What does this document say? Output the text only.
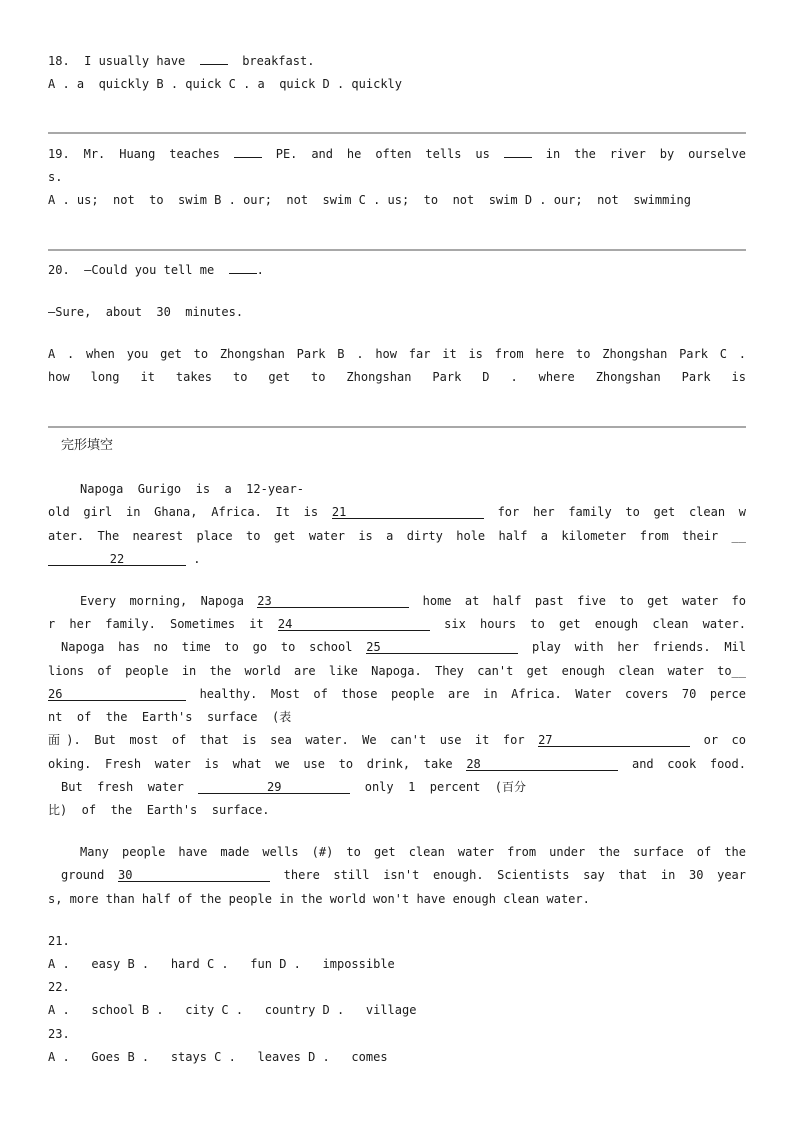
18.  I usually have	breakfast.
A . a  quickly B . quick C . a  quick D . quickly
19. Mr. Huang teaches	PE. and he often tells us	in the river by ourselve
s.
A . us;  not  to  swim B . our;  not  swim C . us;  to  not  swim D . our;  not  swimming
20.  —Could you tell me	.
—Sure,  about  30  minutes.
A . when you get to Zhongshan Park B . how far it is from here to Zhongshan Park C .
how long it takes to get to Zhongshan Park D . where Zhongshan Park is
完形填空
Napoga  Gurigo  is  a  12-year-
old girl in Ghana, Africa. It is 21	for her family to get clean w
ater. The nearest place to get water is a dirty hole half a kilometer from their __
22	.
Every morning, Napoga 23	home at half past five to get water fo
r her family. Sometimes it 24	six hours to get enough clean water.
Napoga has no time to go to school 25	play with her friends. Mil
lions of people in the world are like Napoga. They can't get enough clean water to__
26	healthy. Most of those people are in Africa. Water covers 70 perce
nt  of  the  Earth's  surface  (表
面). But most of that is sea water. We can't use it for 27	or co
oking. Fresh water is what we use to drink, take 28	and cook food.
But  fresh  water	29	only  1  percent  (百分
比)  of  the  Earth's  surface.
Many people have made wells (#) to get clean water from under the surface of the
ground 30	there still isn't enough. Scientists say that in 30 year
s, more than half of the people in the world won't have enough clean water.
21.
A .   easy B .   hard C .   fun D .   impossible
22.
A .   school B .   city C .   country D .   village
23.
A .   Goes B .   stays C .   leaves D .   comes
